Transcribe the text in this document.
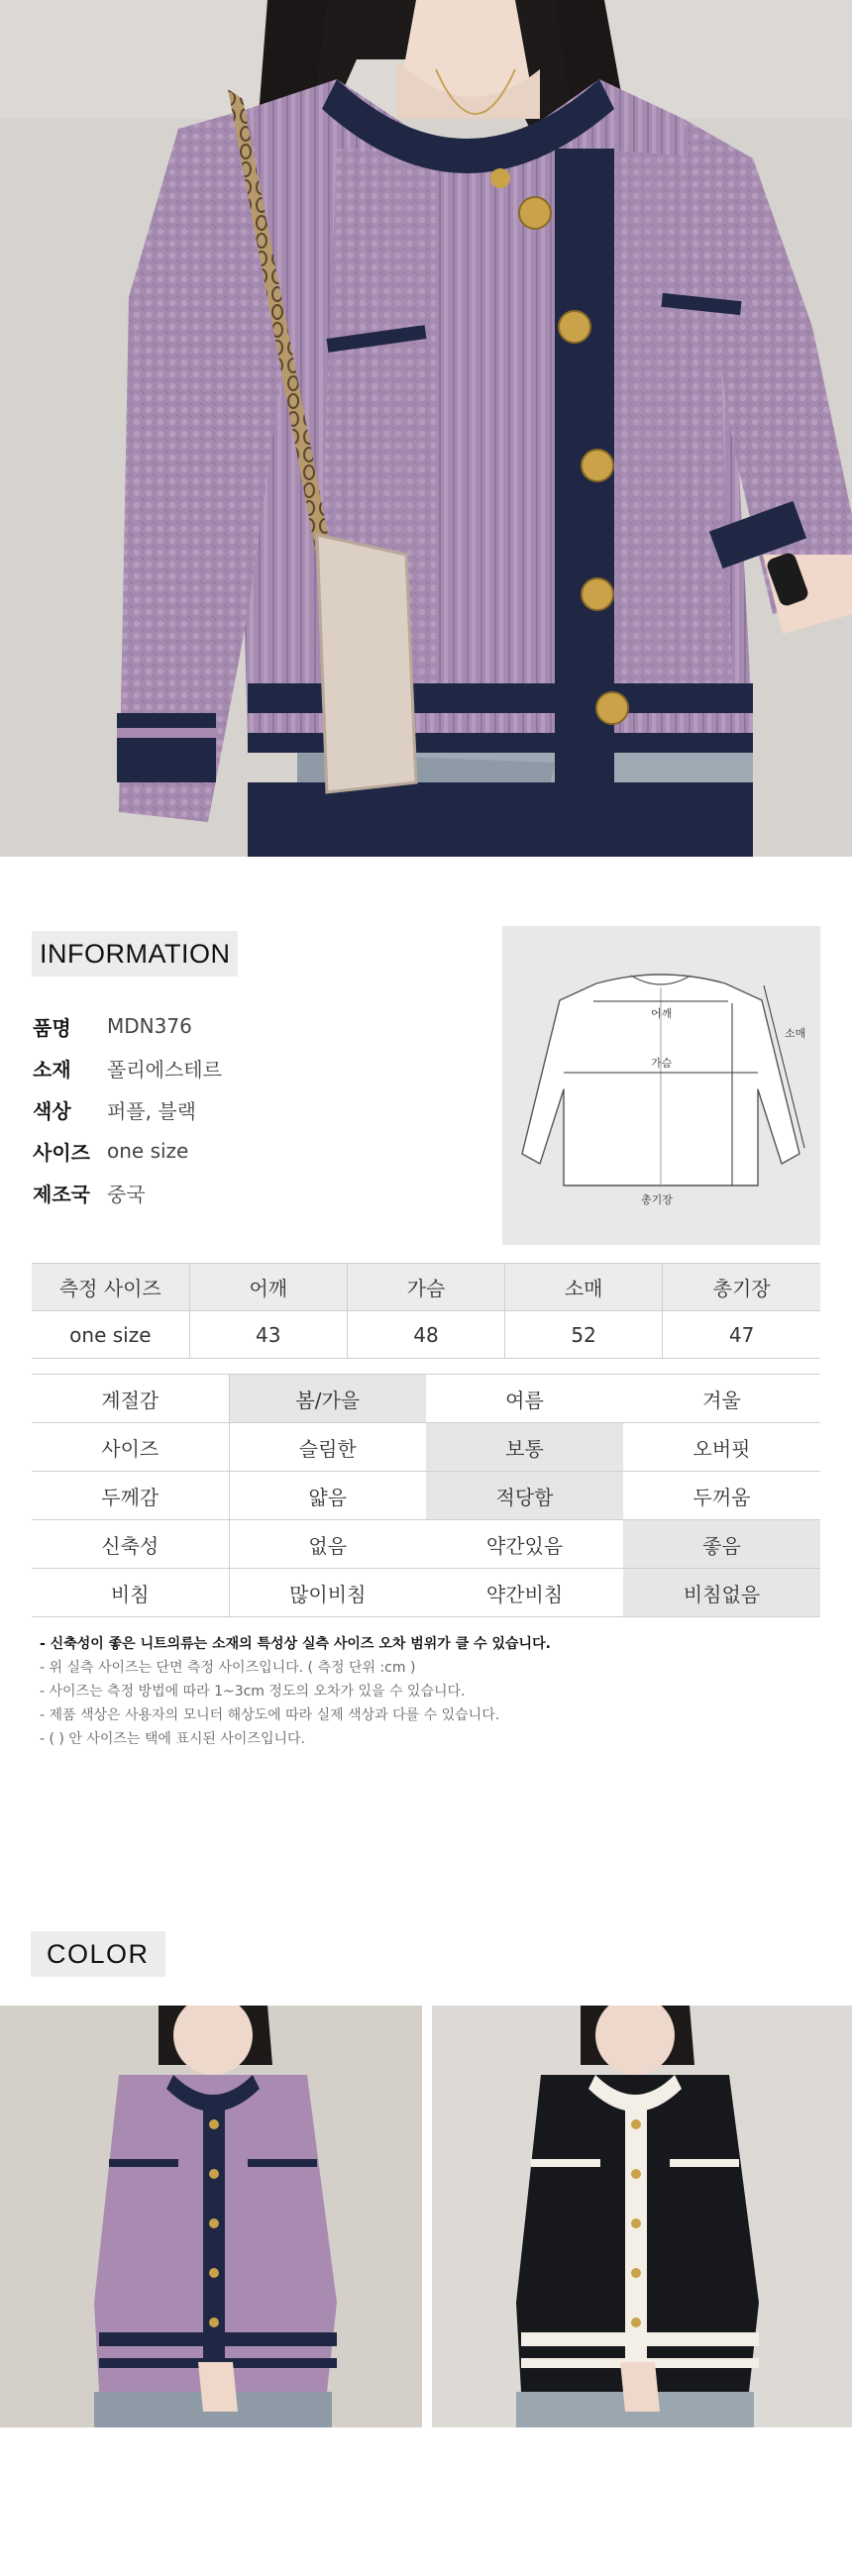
INFORMATION
품명	MDN376
소재	폴리에스테르
색상	퍼플, 블랙
사이즈 one size
제조국 중국
어깨
가슴
총기장
소매
측정 사이즈	어깨	가슴	소매	총기장
one size	43	48	52	47
계절감	봄/가을	여름	겨울
사이즈	슬림한	보통	오버핏
두께감	얇음	적당함	두꺼움
신축성	없음	약간있음	좋음
비침	많이비침	약간비침	비침없음

- 신축성이 좋은 니트의류는 소재의 특성상 실측 사이즈 오차 범위가 클 수 있습니다.

- 위 실측 사이즈는 단면 측정 사이즈입니다. ( 측정 단위 :cm )

- 사이즈는 측정 방법에 따라 1~3cm 정도의 오차가 있을 수 있습니다.

- 제품 색상은 사용자의 모니터 해상도에 따라 실제 색상과 다를 수 있습니다.

- ( ) 안 사이즈는 택에 표시된 사이즈입니다.

COLOR
